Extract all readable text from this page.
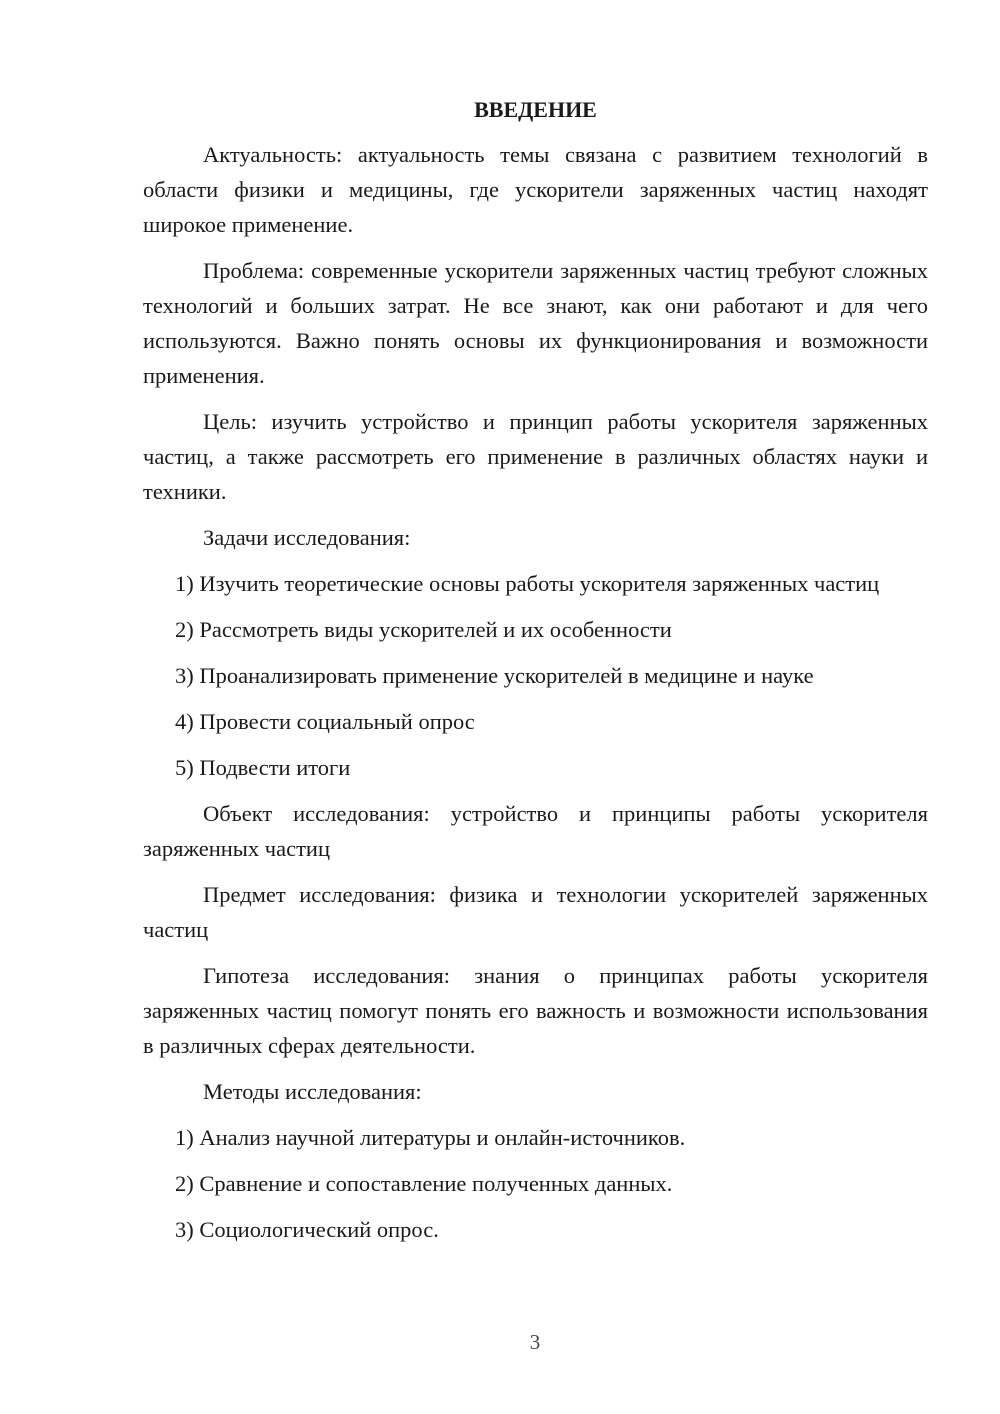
ВВЕДЕНИЕ

Актуальность: актуальность темы связана с развитием технологий в области физики и медицины, где ускорители заряженных частиц находят широкое применение.

Проблема: современные ускорители заряженных частиц требуют сложных технологий и больших затрат. Не все знают, как они работают и для чего используются. Важно понять основы их функционирования и возможности применения.

Цель: изучить устройство и принцип работы ускорителя заряженных частиц, а также рассмотреть его применение в различных областях науки и техники.

Задачи исследования:

1) Изучить теоретические основы работы ускорителя заряженных частиц

2) Рассмотреть виды ускорителей и их особенности

3) Проанализировать применение ускорителей в медицине и науке

4) Провести социальный опрос

5) Подвести итоги

Объект исследования: устройство и принципы работы ускорителя заряженных частиц

Предмет исследования: физика и технологии ускорителей заряженных частиц

Гипотеза исследования: знания о принципах работы ускорителя заряженных частиц помогут понять его важность и возможности использования в различных сферах деятельности.

Методы исследования:

1) Анализ научной литературы и онлайн-источников.

2) Сравнение и сопоставление полученных данных.

3) Социологический опрос.

3
